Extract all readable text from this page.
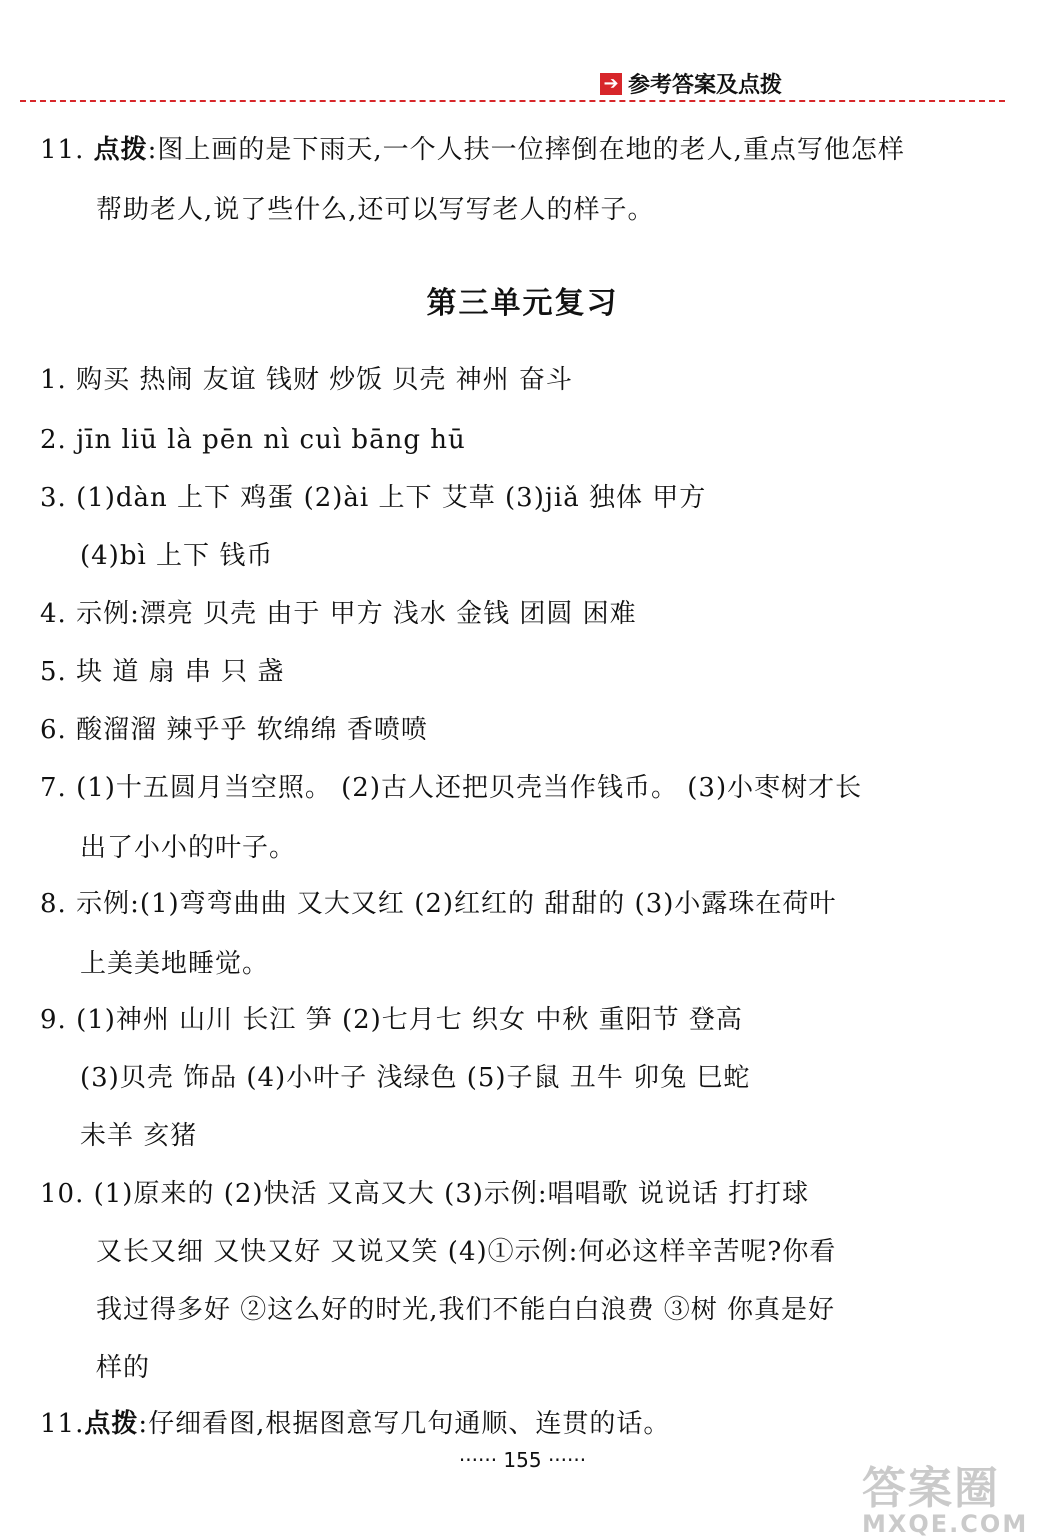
➔ 参考答案及点拨
11. 点拨:图上画的是下雨天,一个人扶一位摔倒在地的老人,重点写他怎样
帮助老人,说了些什么,还可以写写老人的样子。
第三单元复习
1. 购买 热闹 友谊 钱财 炒饭 贝壳 神州 奋斗
2. jīn liū là pēn nì cuì bāng hū
3. (1)dàn 上下 鸡蛋 (2)ài 上下 艾草 (3)jiǎ 独体 甲方
(4)bì 上下 钱币
4. 示例:漂亮 贝壳 由于 甲方 浅水 金钱 团圆 困难
5. 块 道 扇 串 只 盏
6. 酸溜溜 辣乎乎 软绵绵 香喷喷
7. (1)十五圆月当空照。 (2)古人还把贝壳当作钱币。 (3)小枣树才长
出了小小的叶子。
8. 示例:(1)弯弯曲曲 又大又红 (2)红红的 甜甜的 (3)小露珠在荷叶
上美美地睡觉。
9. (1)神州 山川 长江 笋 (2)七月七 织女 中秋 重阳节 登高
(3)贝壳 饰品 (4)小叶子 浅绿色 (5)子鼠 丑牛 卯兔 巳蛇
未羊 亥猪
10. (1)原来的 (2)快活 又高又大 (3)示例:唱唱歌 说说话 打打球
又长又细 又快又好 又说又笑 (4)①示例:何必这样辛苦呢?你看
我过得多好 ②这么好的时光,我们不能白白浪费 ③树 你真是好
样的
11.点拨:仔细看图,根据图意写几句通顺、连贯的话。
······ 155 ······
答案圈
MXQE.COM
